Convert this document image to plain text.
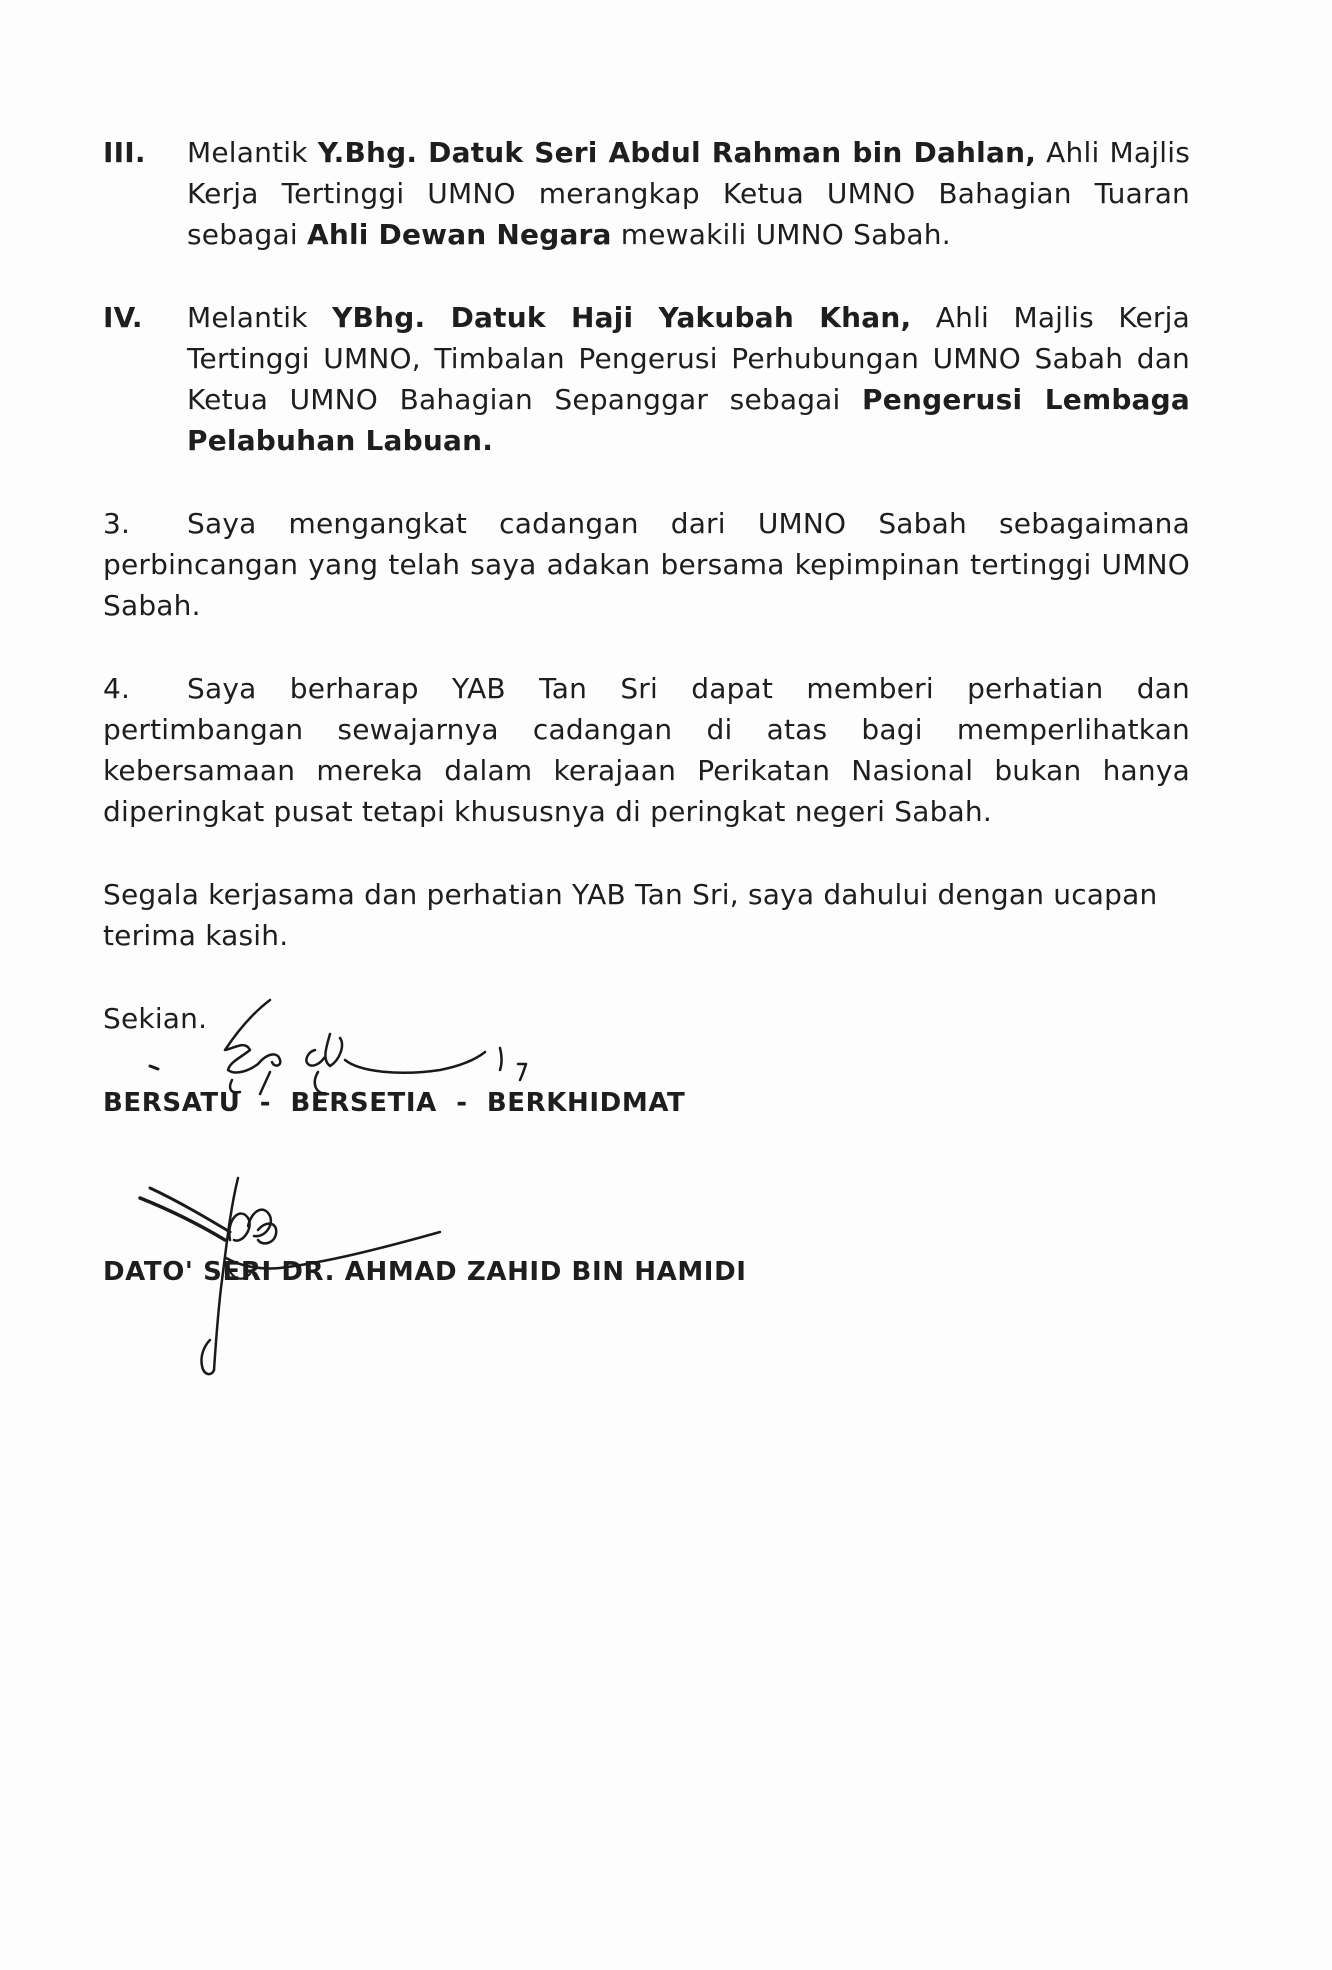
III.	Melantik Y.Bhg. Datuk Seri Abdul Rahman bin Dahlan, Ahli Majlis Kerja Tertinggi UMNO merangkap Ketua UMNO Bahagian Tuaran sebagai Ahli Dewan Negara mewakili UMNO Sabah.
IV.	Melantik YBhg. Datuk Haji Yakubah Khan, Ahli Majlis Kerja Tertinggi UMNO, Timbalan Pengerusi Perhubungan UMNO Sabah dan Ketua UMNO Bahagian Sepanggar sebagai Pengerusi Lembaga Pelabuhan Labuan.

3. Saya mengangkat cadangan dari UMNO Sabah sebagaimana perbincangan yang telah saya adakan bersama kepimpinan tertinggi UMNO Sabah.

4. Saya berharap YAB Tan Sri dapat memberi perhatian dan pertimbangan sewajarnya cadangan di atas bagi memperlihatkan kebersamaan mereka dalam kerajaan Perikatan Nasional bukan hanya diperingkat pusat tetapi khususnya di peringkat negeri Sabah.

Segala kerjasama dan perhatian YAB Tan Sri, saya dahului dengan ucapan terima kasih.

Sekian.
BERSATU  -  BERSETIA  -  BERKHIDMAT
DATO' SERI DR. AHMAD ZAHID BIN HAMIDI
